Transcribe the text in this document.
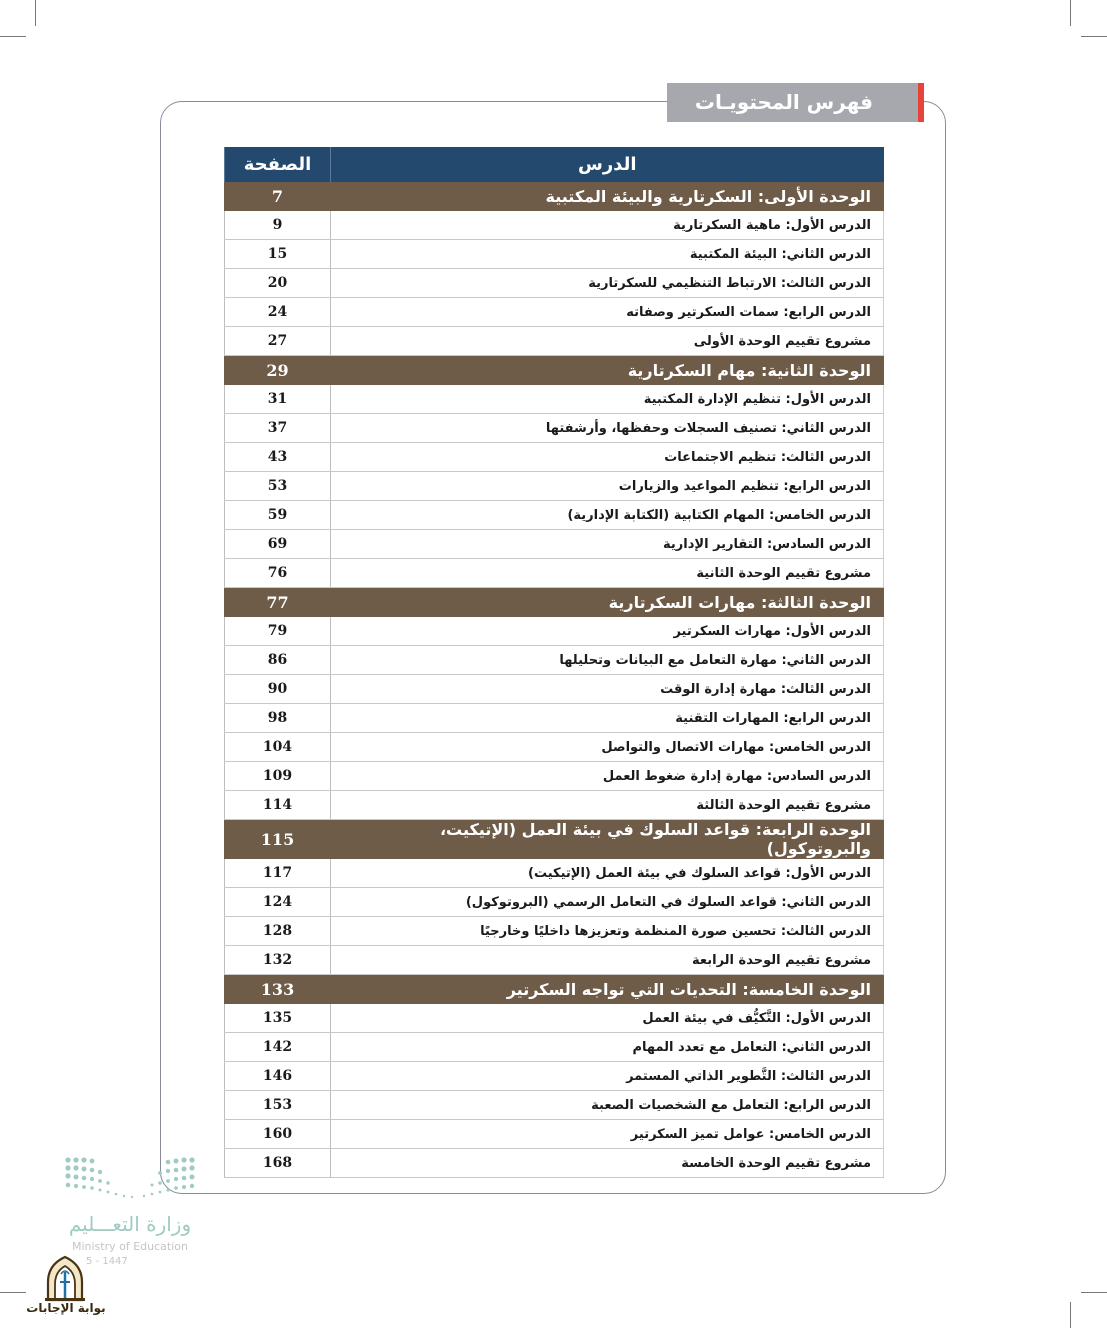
فهرس المحتويـات
الدرس	الصفحة
الوحدة الأولى: السكرتارية والبيئة المكتبية	7
الدرس الأول: ماهية السكرتارية	9
الدرس الثاني: البيئة المكتبية	15
الدرس الثالث: الارتباط التنظيمي للسكرتارية	20
الدرس الرابع: سمات السكرتير وصفاته	24
مشروع تقييم الوحدة الأولى	27
الوحدة الثانية: مهام السكرتارية	29
الدرس الأول: تنظيم الإدارة المكتبية	31
الدرس الثاني: تصنيف السجلات وحفظها، وأرشفتها	37
الدرس الثالث: تنظيم الاجتماعات	43
الدرس الرابع: تنظيم المواعيد والزيارات	53
الدرس الخامس: المهام الكتابية (الكتابة الإدارية)	59
الدرس السادس: التقارير الإدارية	69
مشروع تقييم الوحدة الثانية	76
الوحدة الثالثة: مهارات السكرتارية	77
الدرس الأول: مهارات السكرتير	79
الدرس الثاني: مهارة التعامل مع البيانات وتحليلها	86
الدرس الثالث: مهارة إدارة الوقت	90
الدرس الرابع: المهارات التقنية	98
الدرس الخامس: مهارات الاتصال والتواصل	104
الدرس السادس: مهارة إدارة ضغوط العمل	109
مشروع تقييم الوحدة الثالثة	114
الوحدة الرابعة: قواعد السلوك في بيئة العمل (الإتيكيت، والبروتوكول)	115
الدرس الأول: قواعد السلوك في بيئة العمل (الإتيكيت)	117
الدرس الثاني: قواعد السلوك في التعامل الرسمي (البروتوكول)	124
الدرس الثالث: تحسين صورة المنظمة وتعزيزها داخليًا وخارجيًا	128
مشروع تقييم الوحدة الرابعة	132
الوحدة الخامسة: التحديات التي تواجه السكرتير	133
الدرس الأول: التَّكيُّف في بيئة العمل	135
الدرس الثاني: التعامل مع تعدد المهام	142
الدرس الثالث: التَّطوير الذاتي المستمر	146
الدرس الرابع: التعامل مع الشخصيات الصعبة	153
الدرس الخامس: عوامل تميز السكرتير	160
مشروع تقييم الوحدة الخامسة	168
وزارة التعـــليم
Ministry of Education
5 - 1447
بوابة الإجابات
